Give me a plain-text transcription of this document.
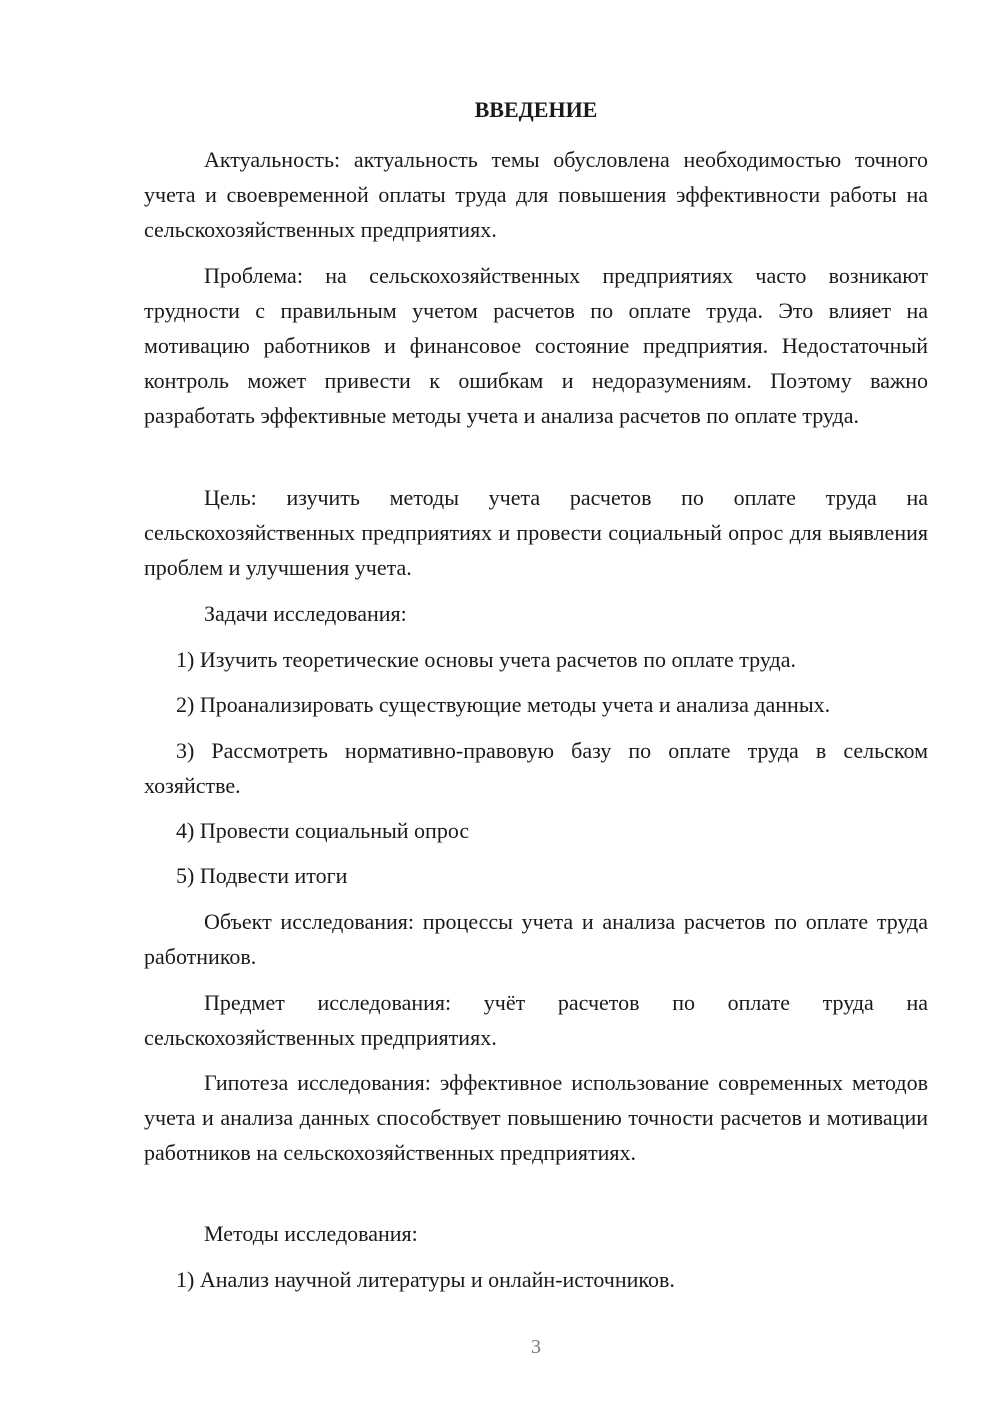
ВВЕДЕНИЕ

Актуальность: актуальность темы обусловлена необходимостью точного учета и своевременной оплаты труда для повышения эффективности работы на сельскохозяйственных предприятиях.

Проблема: на сельскохозяйственных предприятиях часто возникают трудности с правильным учетом расчетов по оплате труда. Это влияет на мотивацию работников и финансовое состояние предприятия. Недостаточный контроль может привести к ошибкам и недоразумениям. Поэтому важно разработать эффективные методы учета и анализа расчетов по оплате труда.

Цель: изучить методы учета расчетов по оплате труда на сельскохозяйственных предприятиях и провести социальный опрос для выявления проблем и улучшения учета.

Задачи исследования:

1) Изучить теоретические основы учета расчетов по оплате труда.

2) Проанализировать существующие методы учета и анализа данных.

3) Рассмотреть нормативно-правовую базу по оплате труда в сельском хозяйстве.

4) Провести социальный опрос

5) Подвести итоги

Объект исследования: процессы учета и анализа расчетов по оплате труда работников.

Предмет исследования: учёт расчетов по оплате труда на сельскохозяйственных предприятиях.

Гипотеза исследования: эффективное использование современных методов учета и анализа данных способствует повышению точности расчетов и мотивации работников на сельскохозяйственных предприятиях.

Методы исследования:

1) Анализ научной литературы и онлайн-источников.

3
